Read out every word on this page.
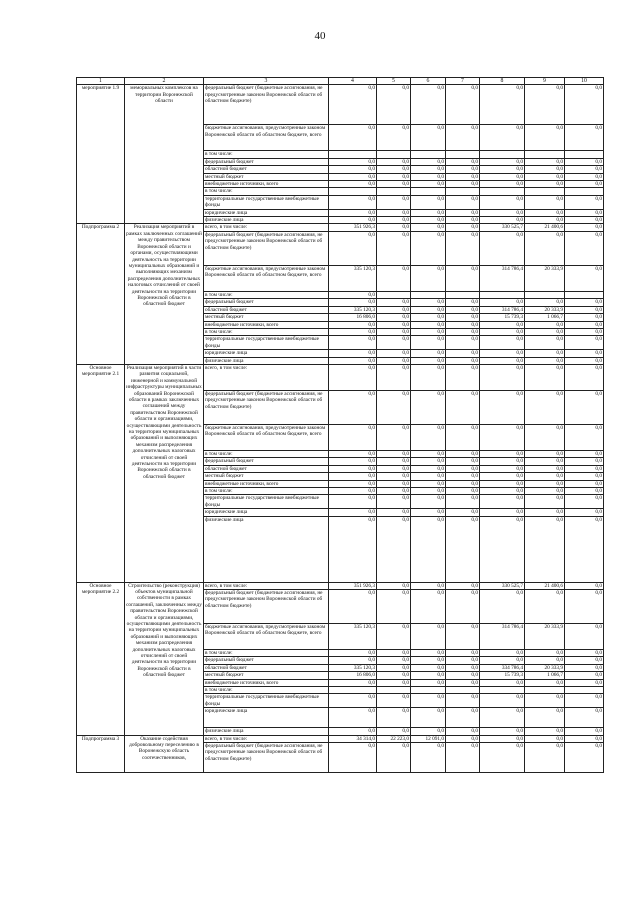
40
1	2	3	4	5	6	7	8	9	10
мероприятие 1.9	мемориальных комплексов на территории Воронежской области	федеральный бюджет (бюджетные ассигнования, не предусмотренные законом Воронежской области об областном бюджете)	0,0	0,0	0,0	0,0	0,0	0,0	0,0
		бюджетные ассигнования, предусмотренные законом Воронежской области об областном бюджете, всего	0,0	0,0	0,0	0,0	0,0	0,0	0,0
		в том числе:							
		федеральный бюджет	0,0	0,0	0,0	0,0	0,0	0,0	0,0
		областной бюджет	0,0	0,0	0,0	0,0	0,0	0,0	0,0
		местный бюджет	0,0	0,0	0,0	0,0	0,0	0,0	0,0
		внебюджетные источники, всего	0,0	0,0	0,0	0,0	0,0	0,0	0,0
		в том числе:							
		территориальные государственные внебюджетные фонды	0,0	0,0	0,0	0,0	0,0	0,0	0,0
		юридические лица	0,0	0,0	0,0	0,0	0,0	0,0	0,0
		физические лица	0,0	0,0	0,0	0,0	0,0	0,0	0,0
Подпрограмма 2	Реализация мероприятий в рамках заключенных соглашений между правительством Воронежской области и органами, осуществляющими деятельность на территории муниципальных образований и выполняющих механизм распределения дополнительных налоговых отчислений от своей деятельности на территории Воронежской области в областной бюджет	всего, в том числе:	351 926,3	0,0	0,0	0,0	330 525,7	21 400,6	0,0
		федеральный бюджет (бюджетные ассигнования, не предусмотренные законом Воронежской области об областном бюджете)	0,0	0,0	0,0	0,0	0,0	0,0	0,0
		бюджетные ассигнования, предусмотренные законом Воронежской области об областном бюджете, всего	335 120,3	0,0	0,0	0,0	314 786,4	20 333,9	0,0
		в том числе:	0,0						
		федеральный бюджет	0,0	0,0	0,0	0,0	0,0	0,0	0,0
		областной бюджет	335 120,3	0,0	0,0	0,0	314 786,4	20 333,9	0,0
		местный бюджет	16 806,0	0,0	0,0	0,0	15 739,3	1 066,7	0,0
		внебюджетные источники, всего	0,0	0,0	0,0	0,0	0,0	0,0	0,0
		в том числе:	0,0	0,0	0,0	0,0	0,0	0,0	0,0
		территориальные государственные внебюджетные фонды	0,0	0,0	0,0	0,0	0,0	0,0	0,0
		юридические лица	0,0	0,0	0,0	0,0	0,0	0,0	0,0
		физические лица	0,0	0,0	0,0	0,0	0,0	0,0	0,0
Основное мероприятие 2.1	Реализация мероприятий в части развития социальной, инженерной и коммунальной инфраструктуры муниципальных образований Воронежской области в рамках заключенных соглашений между правительством Воронежской области и организациями, осуществляющими деятельность на территории муниципальных образований и выполняющих механизм распределения дополнительных налоговых отчислений от своей деятельности на территории Воронежской области в областной бюджет	всего, в том числе:	0,0	0,0	0,0	0,0	0,0	0,0	0,0
		федеральный бюджет (бюджетные ассигнования, не предусмотренные законом Воронежской области об областном бюджете)	0,0	0,0	0,0	0,0	0,0	0,0	0,0
		бюджетные ассигнования, предусмотренные законом Воронежской области об областном бюджете, всего	0,0	0,0	0,0	0,0	0,0	0,0	0,0
		в том числе:	0,0	0,0	0,0	0,0	0,0	0,0	0,0
		федеральный бюджет	0,0	0,0	0,0	0,0	0,0	0,0	0,0
		областной бюджет	0,0	0,0	0,0	0,0	0,0	0,0	0,0
		местный бюджет	0,0	0,0	0,0	0,0	0,0	0,0	0,0
		внебюджетные источники, всего	0,0	0,0	0,0	0,0	0,0	0,0	0,0
		в том числе:	0,0	0,0	0,0	0,0	0,0	0,0	0,0
		территориальные государственные внебюджетные фонды	0,0	0,0	0,0	0,0	0,0	0,0	0,0
		юридические лица	0,0	0,0	0,0	0,0	0,0	0,0	0,0
		физические лица	0,0	0,0	0,0	0,0	0,0	0,0	0,0
Основное мероприятие 2.2	Строительство (реконструкция) объектов муниципальной собственности в рамках соглашений, заключенных между правительством Воронежской области и организациями, осуществляющими деятельность на территории муниципальных образований и выполняющих механизм распределения дополнительных налоговых отчислений от своей деятельности на территории Воронежской области в областной бюджет	всего, в том числе:	351 926,3	0,0	0,0	0,0	330 525,7	21 400,6	0,0
		федеральный бюджет (бюджетные ассигнования, не предусмотренные законом Воронежской области об областном бюджете)	0,0	0,0	0,0	0,0	0,0	0,0	0,0
		бюджетные ассигнования, предусмотренные законом Воронежской области об областном бюджете, всего	335 120,3	0,0	0,0	0,0	314 786,4	20 333,9	0,0
		в том числе:	0,0	0,0	0,0	0,0	0,0	0,0	0,0
		федеральный бюджет	0,0	0,0	0,0	0,0	0,0	0,0	0,0
		областной бюджет	335 120,3	0,0	0,0	0,0	334 786,4	20 333,9	0,0
		местный бюджет	16 806,0	0,0	0,0	0,0	15 739,3	1 066,7	0,0
		внебюджетные источники, всего	0,0	0,0	0,0	0,0	0,0	0,0	0,0
		в том числе:							
		территориальные государственные внебюджетные фонды	0,0	0,0	0,0	0,0	0,0	0,0	0,0
		юридические лица	0,0	0,0	0,0	0,0	0,0	0,0	0,0
		физические лица	0,0	0,0	0,0	0,0	0,0	0,0	0,0
Подпрограмма 3	Оказание содействия добровольному переселению в Воронежскую область соотечественников,	всего, в том числе:	34 314,0	22 223,0	12 091,0	0,0	0,0	0,0	0,0
		федеральный бюджет (бюджетные ассигнования, не предусмотренные законом Воронежской области об областном бюджете)	0,0	0,0	0,0	0,0	0,0	0,0	0,0
